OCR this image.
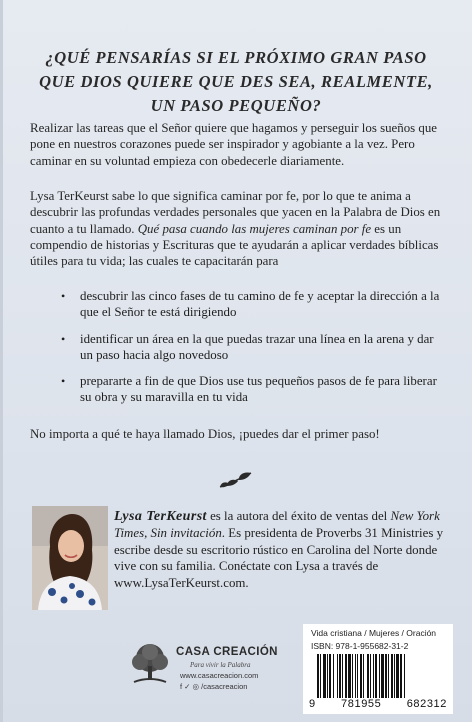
¿QUÉ PENSARÍAS SI EL PRÓXIMO GRAN PASO QUE DIOS QUIERE QUE DES SEA, REALMENTE, UN PASO PEQUEÑO?
Realizar las tareas que el Señor quiere que hagamos y perseguir los sueños que pone en nuestros corazones puede ser inspirador y agobiante a la vez. Pero caminar en su voluntad empieza con obedecerle diariamente.
Lysa TerKeurst sabe lo que significa caminar por fe, por lo que te anima a descubrir las profundas verdades personales que yacen en la Palabra de Dios en cuanto a tu llamado. Qué pasa cuando las mujeres caminan por fe es un compendio de historias y Escrituras que te ayudarán a aplicar verdades bíblicas útiles para tu vida; las cuales te capacitarán para
• descubrir las cinco fases de tu camino de fe y aceptar la dirección a la que el Señor te está dirigiendo
• identificar un área en la que puedas trazar una línea en la arena y dar un paso hacia algo novedoso
• prepararte a fin de que Dios use tus pequeños pasos de fe para liberar su obra y su maravilla en tu vida
No importa a qué te haya llamado Dios, ¡puedes dar el primer paso!
Lysa TerKeurst es la autora del éxito de ventas del New York Times, Sin invitación. Es presidenta de Proverbs 31 Ministries y escribe desde su escritorio rústico en Carolina del Norte donde vive con su familia. Conéctate con Lysa a través de www.LysaTerKeurst.com.
CASA CREACIÓN
Para vivir la Palabra
www.casacreacion.com
f ✓ ◎ /casacreacion
Vida cristiana / Mujeres / Oración
ISBN: 978-1-955682-31-2
9 781955 682312
